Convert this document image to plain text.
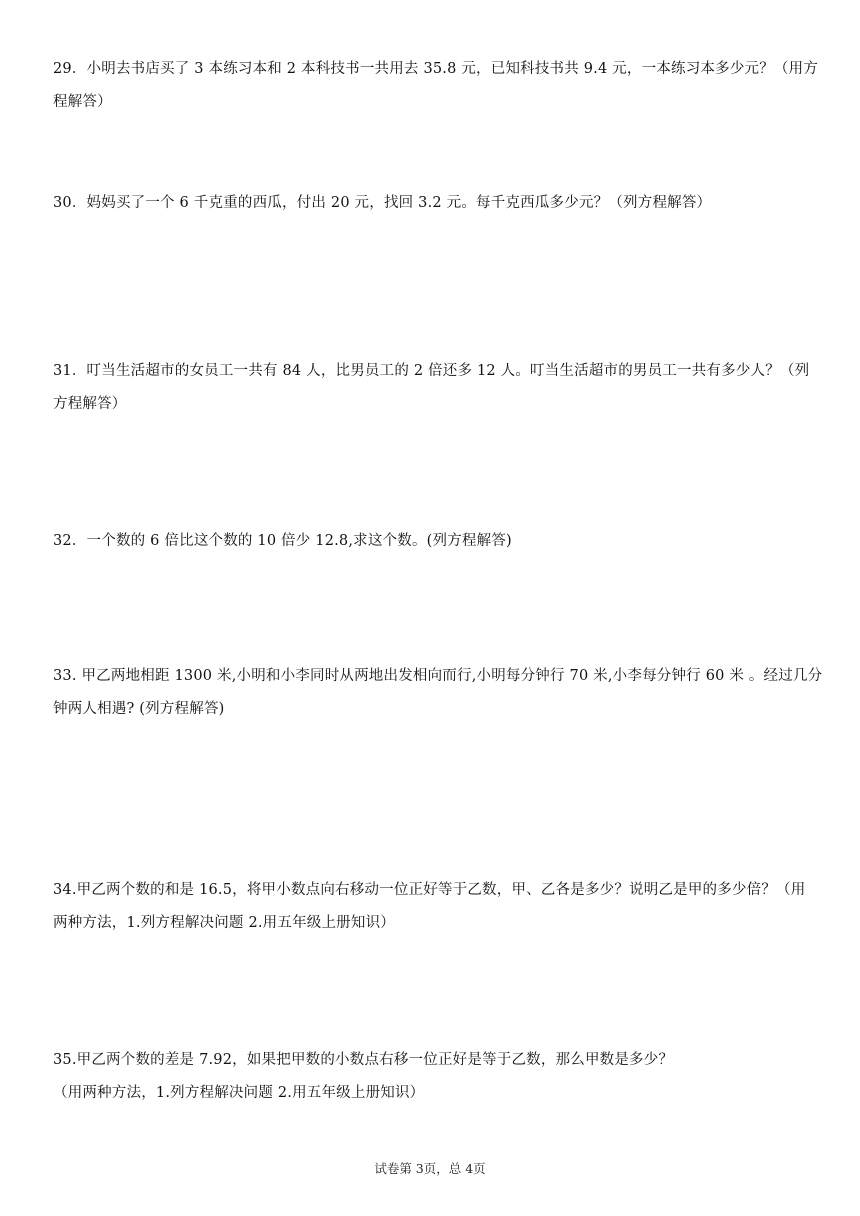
29．小明去书店买了 3 本练习本和 2 本科技书一共用去 35.8 元，已知科技书共 9.4 元，一本练习本多少元？（用方
程解答）
30．妈妈买了一个 6 千克重的西瓜，付出 20 元，找回 3.2 元。每千克西瓜多少元？（列方程解答）
31．叮当生活超市的女员工一共有 84 人，比男员工的 2 倍还多 12 人。叮当生活超市的男员工一共有多少人？（列
方程解答）
32．一个数的 6 倍比这个数的 10 倍少 12.8,求这个数。(列方程解答)
33. 甲乙两地相距 1300 米,小明和小李同时从两地出发相向而行,小明每分钟行 70 米,小李每分钟行 60 米 。经过几分
钟两人相遇? (列方程解答)
34.甲乙两个数的和是 16.5，将甲小数点向右移动一位正好等于乙数，甲、乙各是多少？说明乙是甲的多少倍？（用
两种方法，1.列方程解决问题 2.用五年级上册知识）
35.甲乙两个数的差是 7.92，如果把甲数的小数点右移一位正好是等于乙数，那么甲数是多少？
（用两种方法，1.列方程解决问题 2.用五年级上册知识）
试卷第 3页，总 4页
